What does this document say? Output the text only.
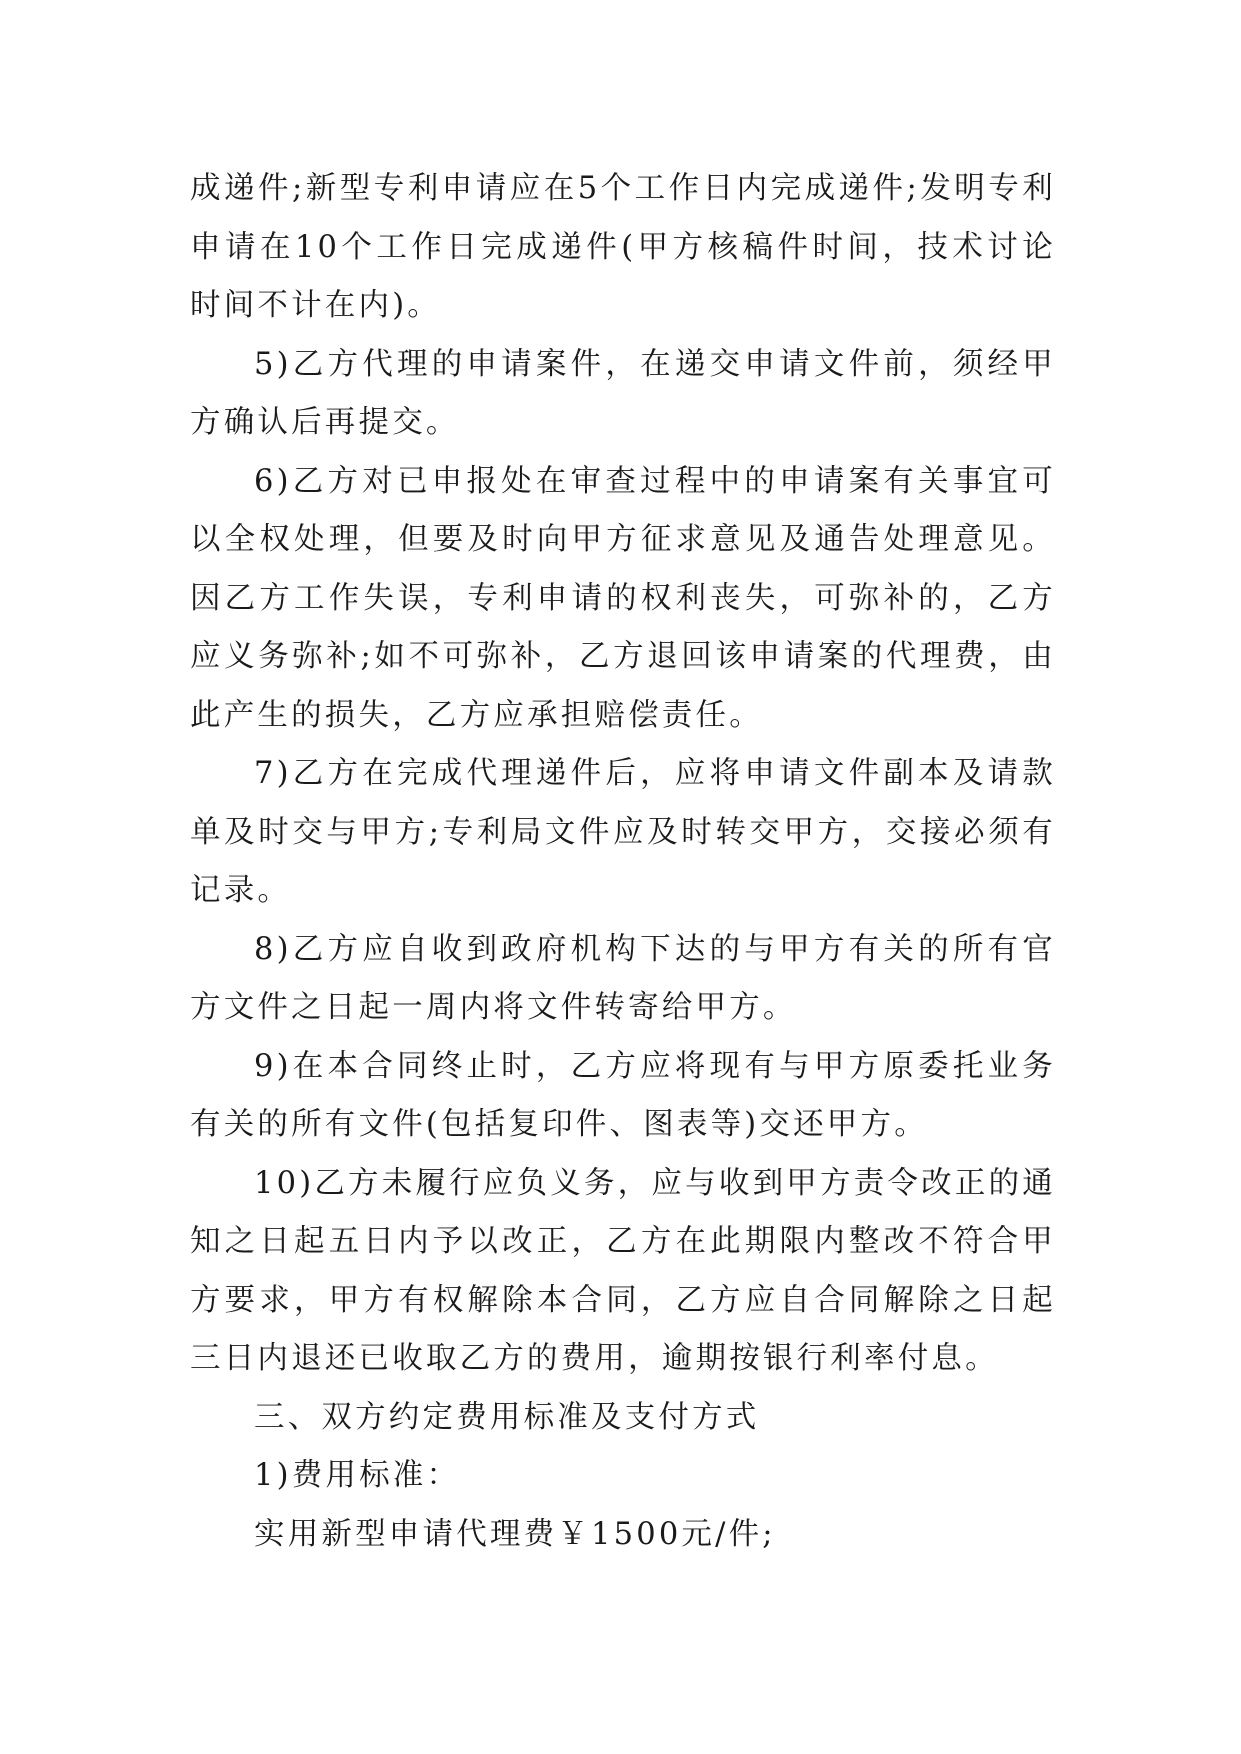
成递件;新型专利申请应在5个工作日内完成递件;发明专利申请在10个工作日完成递件(甲方核稿件时间，技术讨论时间不计在内)。

5)乙方代理的申请案件，在递交申请文件前，须经甲方确认后再提交。

6)乙方对已申报处在审查过程中的申请案有关事宜可以全权处理，但要及时向甲方征求意见及通告处理意见。因乙方工作失误，专利申请的权利丧失，可弥补的，乙方应义务弥补;如不可弥补，乙方退回该申请案的代理费，由此产生的损失，乙方应承担赔偿责任。

7)乙方在完成代理递件后，应将申请文件副本及请款单及时交与甲方;专利局文件应及时转交甲方，交接必须有记录。

8)乙方应自收到政府机构下达的与甲方有关的所有官方文件之日起一周内将文件转寄给甲方。

9)在本合同终止时，乙方应将现有与甲方原委托业务有关的所有文件(包括复印件、图表等)交还甲方。

10)乙方未履行应负义务，应与收到甲方责令改正的通知之日起五日内予以改正，乙方在此期限内整改不符合甲方要求，甲方有权解除本合同，乙方应自合同解除之日起三日内退还已收取乙方的费用，逾期按银行利率付息。

三、双方约定费用标准及支付方式

1)费用标准：

实用新型申请代理费￥1500元/件;
